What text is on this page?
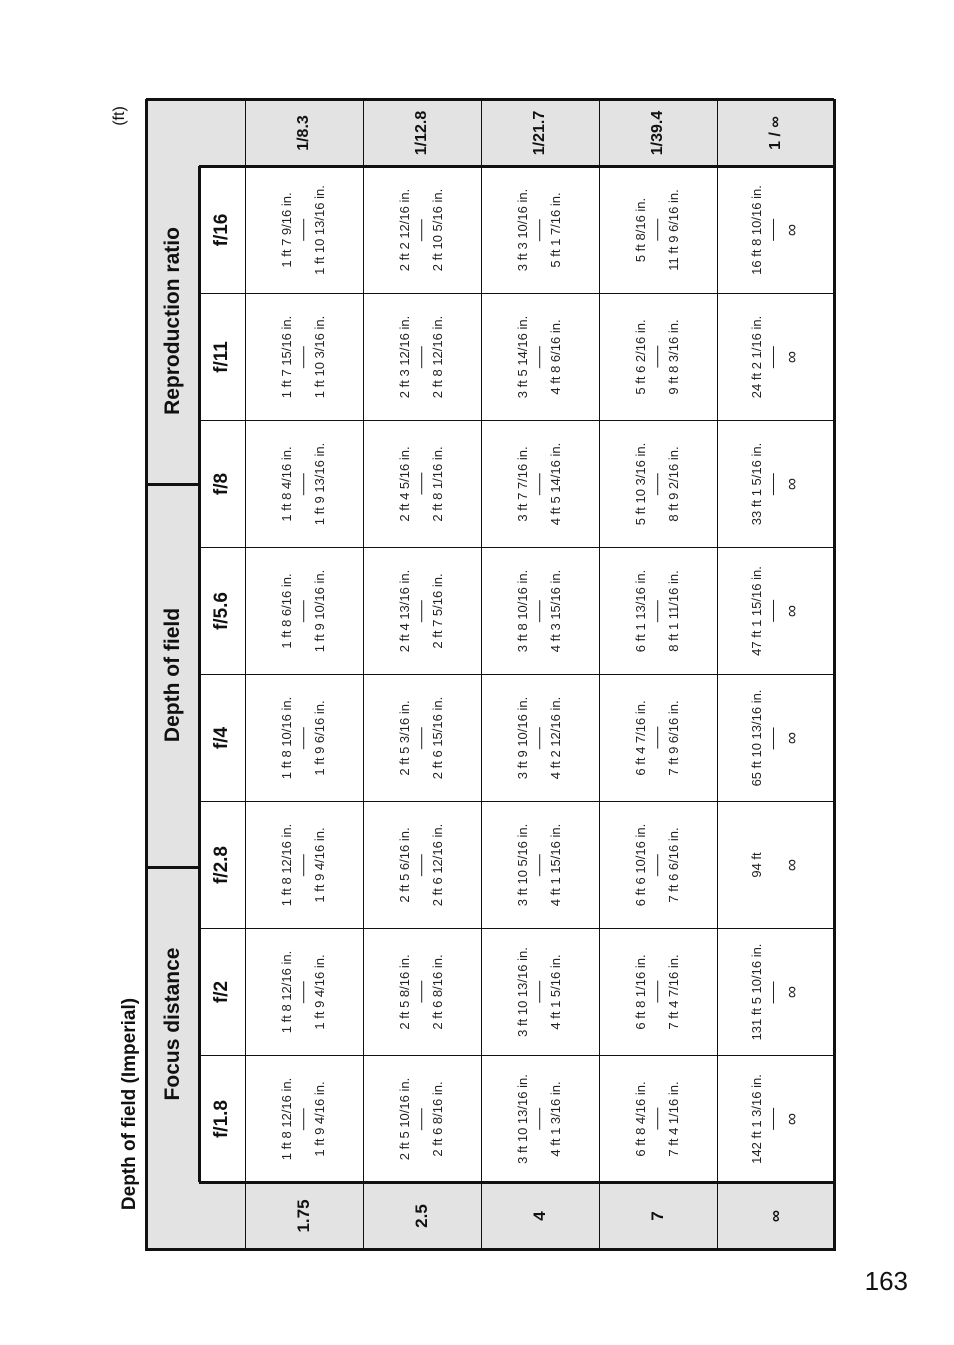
Depth of field (Imperial)
(ft)
163
Focus distance
Depth of field
Reproduction ratio
f/1.8
f/2
f/2.8
f/4
f/5.6
f/8
f/11
f/16
1.75
1/8.3
1 ft 8 12/16 in. 1 ft 9 4/16 in.
1 ft 8 12/16 in. 1 ft 9 4/16 in.
1 ft 8 12/16 in. 1 ft 9 4/16 in.
1 ft 8 10/16 in. 1 ft 9 6/16 in.
1 ft 8 6/16 in. 1 ft 9 10/16 in.
1 ft 8 4/16 in. 1 ft 9 13/16 in.
1 ft 7 15/16 in. 1 ft 10 3/16 in.
1 ft 7 9/16 in. 1 ft 10 13/16 in.
2.5
1/12.8
2 ft 5 10/16 in. 2 ft 6 8/16 in.
2 ft 5 8/16 in. 2 ft 6 8/16 in.
2 ft 5 6/16 in. 2 ft 6 12/16 in.
2 ft 5 3/16 in. 2 ft 6 15/16 in.
2 ft 4 13/16 in. 2 ft 7 5/16 in.
2 ft 4 5/16 in. 2 ft 8 1/16 in.
2 ft 3 12/16 in. 2 ft 8 12/16 in.
2 ft 2 12/16 in. 2 ft 10 5/16 in.
4
1/21.7
3 ft 10 13/16 in. 4 ft 1 3/16 in.
3 ft 10 13/16 in. 4 ft 1 5/16 in.
3 ft 10 5/16 in. 4 ft 1 15/16 in.
3 ft 9 10/16 in. 4 ft 2 12/16 in.
3 ft 8 10/16 in. 4 ft 3 15/16 in.
3 ft 7 7/16 in. 4 ft 5 14/16 in.
3 ft 5 14/16 in. 4 ft 8 6/16 in.
3 ft 3 10/16 in. 5 ft 1 7/16 in.
7
1/39.4
6 ft 8 4/16 in. 7 ft 4 1/16 in.
6 ft 8 1/16 in. 7 ft 4 7/16 in.
6 ft 6 10/16 in. 7 ft 6 6/16 in.
6 ft 4 7/16 in. 7 ft 9 6/16 in.
6 ft 1 13/16 in. 8 ft 1 11/16 in.
5 ft 10 3/16 in. 8 ft 9 2/16 in.
5 ft 6 2/16 in. 9 ft 8 3/16 in.
5 ft 8/16 in. 11 ft 9 6/16 in.
∞
1 / ∞
142 ft 1 3/16 in. ∞
131 ft 5 10/16 in. ∞
94 ft ∞
65 ft 10 13/16 in. ∞
47 ft 1 15/16 in. ∞
33 ft 1 5/16 in. ∞
24 ft 2 1/16 in. ∞
16 ft 8 10/16 in. ∞
